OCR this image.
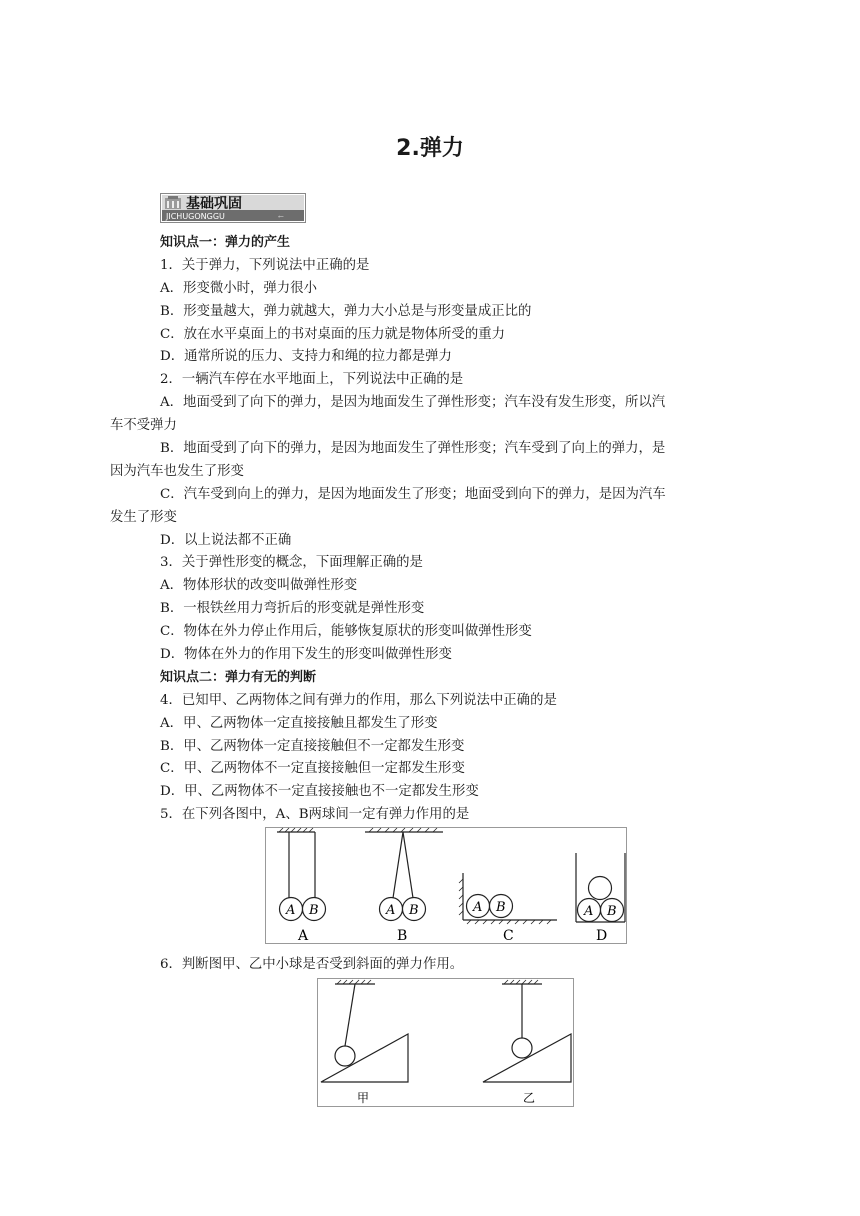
2.弹力
基础巩固
JICHUGONGGU	←
知识点一：弹力的产生
1．关于弹力，下列说法中正确的是
A．形变微小时，弹力很小
B．形变量越大，弹力就越大，弹力大小总是与形变量成正比的
C．放在水平桌面上的书对桌面的压力就是物体所受的重力
D．通常所说的压力、支持力和绳的拉力都是弹力
2．一辆汽车停在水平地面上，下列说法中正确的是
A．地面受到了向下的弹力，是因为地面发生了弹性形变；汽车没有发生形变，所以汽
车不受弹力
B．地面受到了向下的弹力，是因为地面发生了弹性形变；汽车受到了向上的弹力，是
因为汽车也发生了形变
C．汽车受到向上的弹力，是因为地面发生了形变；地面受到向下的弹力，是因为汽车
发生了形变
D．以上说法都不正确
3．关于弹性形变的概念，下面理解正确的是
A．物体形状的改变叫做弹性形变
B．一根铁丝用力弯折后的形变就是弹性形变
C．物体在外力停止作用后，能够恢复原状的形变叫做弹性形变
D．物体在外力的作用下发生的形变叫做弹性形变
知识点二：弹力有无的判断
4．已知甲、乙两物体之间有弹力的作用，那么下列说法中正确的是
A．甲、乙两物体一定直接接触且都发生了形变
B．甲、乙两物体一定直接接触但不一定都发生形变
C．甲、乙两物体不一定直接接触但一定都发生形变
D．甲、乙两物体不一定直接接触也不一定都发生形变
5．在下列各图中，A、B两球间一定有弹力作用的是
A B
A
A B
B
A B
C
A B
D
6．判断图甲、乙中小球是否受到斜面的弹力作用。
甲	乙
